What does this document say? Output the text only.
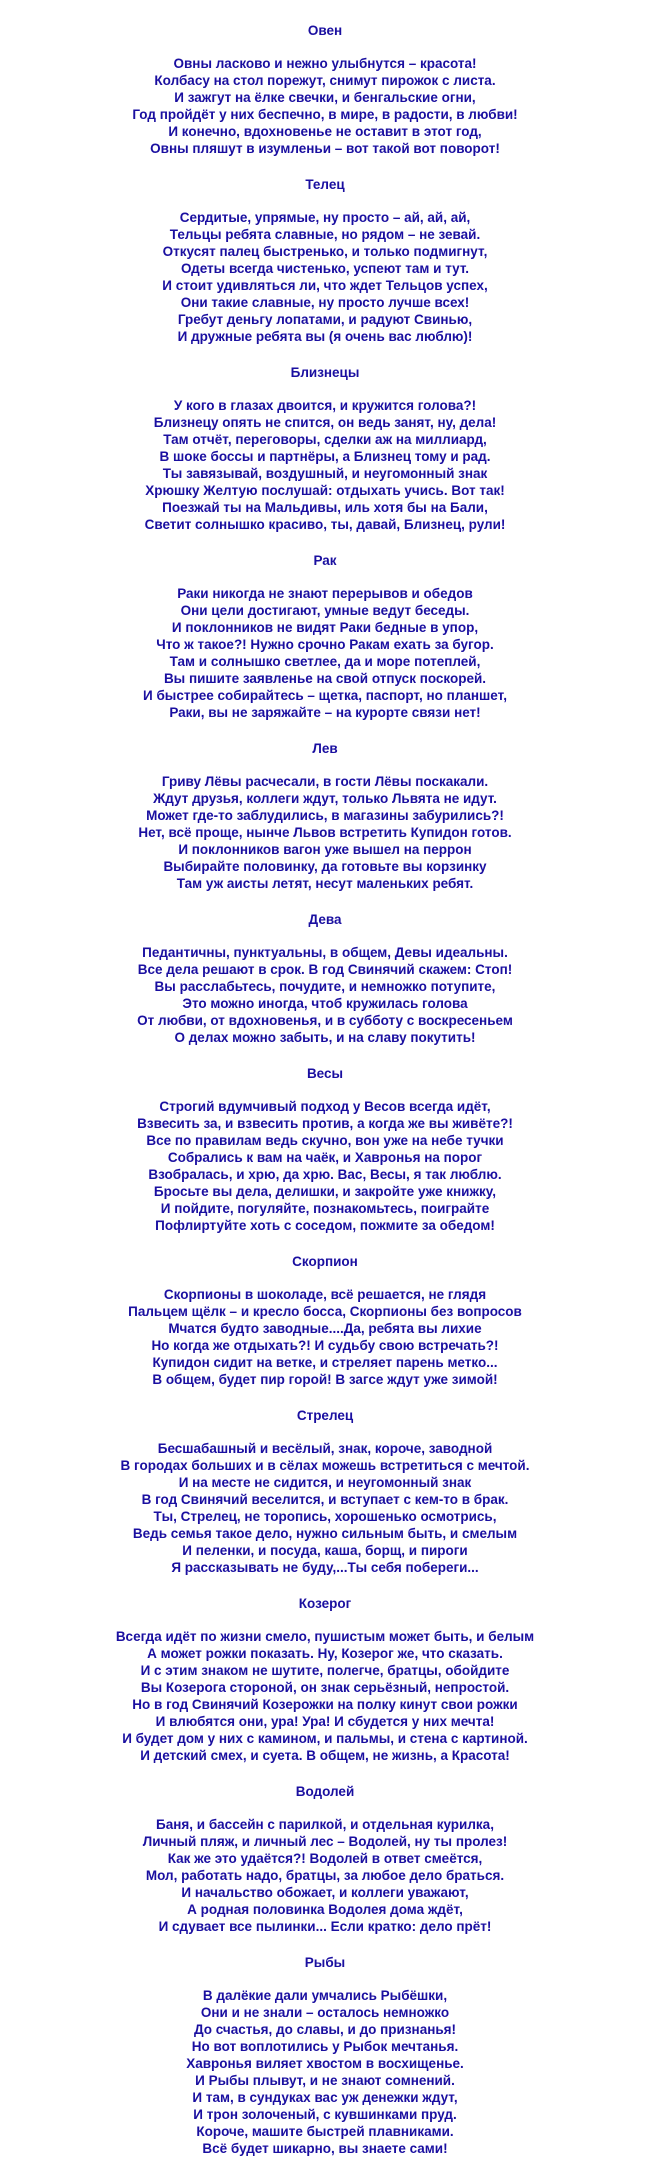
Овен
Овны ласково и нежно улыбнутся – красота!
Колбасу на стол порежут, снимут пирожок с листа.
И зажгут на ёлке свечки, и бенгальские огни,
Год пройдёт у них беспечно, в мире, в радости, в любви!
И конечно, вдохновенье не оставит в этот год,
Овны пляшут в изумленьи – вот такой вот поворот!
Телец
Сердитые, упрямые, ну просто – ай, ай, ай,
Тельцы ребята славные, но рядом – не зевай.
Откусят палец быстренько, и только подмигнут,
Одеты всегда чистенько, успеют там и тут.
И стоит удивляться ли, что ждет Тельцов успех,
Они такие славные, ну просто лучше всех!
Гребут деньгу лопатами, и радуют Свинью,
И дружные ребята вы (я очень вас люблю)!
Близнецы
У кого в глазах двоится, и кружится голова?!
Близнецу опять не спится, он ведь занят, ну, дела!
Там отчёт, переговоры, сделки аж на миллиард,
В шоке боссы и партнёры, а Близнец тому и рад.
Ты завязывай, воздушный, и неугомонный знак
Хрюшку Желтую послушай: отдыхать учись. Вот так!
Поезжай ты на Мальдивы, иль хотя бы на Бали,
Светит солнышко красиво, ты, давай, Близнец, рули!
Рак
Раки никогда не знают перерывов и обедов
Они цели достигают, умные ведут беседы.
И поклонников не видят Раки бедные в упор,
Что ж такое?! Нужно срочно Ракам ехать за бугор.
Там и солнышко светлее, да и море потеплей,
Вы пишите заявленье на свой отпуск поскорей.
И быстрее собирайтесь – щетка, паспорт, но планшет,
Раки, вы не заряжайте – на курорте связи нет!
Лев
Гриву Лёвы расчесали, в гости Лёвы поскакали.
Ждут друзья, коллеги ждут, только Львята не идут.
Может где-то заблудились, в магазины забурились?!
Нет, всё проще, нынче Львов встретить Купидон готов.
И поклонников вагон уже вышел на перрон
Выбирайте половинку, да готовьте вы корзинку
Там уж аисты летят, несут маленьких ребят.
Дева
Педантичны, пунктуальны, в общем, Девы идеальны.
Все дела решают в срок. В год Свинячий скажем: Стоп!
Вы расслабьтесь, почудите, и немножко потупите,
Это можно иногда, чтоб кружилась голова
От любви, от вдохновенья, и в субботу с воскресеньем
О делах можно забыть, и на славу покутить!
Весы
Строгий вдумчивый подход у Весов всегда идёт,
Взвесить за, и взвесить против, а когда же вы живёте?!
Все по правилам ведь скучно, вон уже на небе тучки
Собрались к вам на чаёк, и Хавронья на порог
Взобралась, и хрю, да хрю. Вас, Весы, я так люблю.
Бросьте вы дела, делишки, и закройте уже книжку,
И пойдите, погуляйте, познакомьтесь, поиграйте
Пофлиртуйте хоть с соседом, пожмите за обедом!
Скорпион
Скорпионы в шоколаде, всё решается, не глядя
Пальцем щёлк – и кресло босса, Скорпионы без вопросов
Мчатся будто заводные....Да, ребята вы лихие
Но когда же отдыхать?! И судьбу свою встречать?!
Купидон сидит на ветке, и стреляет парень метко...
В общем, будет пир горой! В загсе ждут уже зимой!
Стрелец
Бесшабашный и весёлый, знак, короче, заводной
В городах больших и в сёлах можешь встретиться с мечтой.
И на месте не сидится, и неугомонный знак
В год Свинячий веселится, и вступает с кем-то в брак.
Ты, Стрелец, не торопись, хорошенько осмотрись,
Ведь семья такое дело, нужно сильным быть, и смелым
И пеленки, и посуда, каша, борщ, и пироги
Я рассказывать не буду,...Ты себя побереги...
Козерог
Всегда идёт по жизни смело, пушистым может быть, и белым
А может рожки показать. Ну, Козерог же, что сказать.
И с этим знаком не шутите, полегче, братцы, обойдите
Вы Козерога стороной, он знак серьёзный, непростой.
Но в год Свинячий Козерожки на полку кинут свои рожки
И влюбятся они, ура! Ура! И сбудется у них мечта!
И будет дом у них с камином, и пальмы, и стена с картиной.
И детский смех, и суета. В общем, не жизнь, а Красота!
Водолей
Баня, и бассейн с парилкой, и отдельная курилка,
Личный пляж, и личный лес – Водолей, ну ты пролез!
Как же это удаётся?! Водолей в ответ смеётся,
Мол, работать надо, братцы, за любое дело браться.
И начальство обожает, и коллеги уважают,
А родная половинка Водолея дома ждёт,
И сдувает все пылинки... Если кратко: дело прёт!
Рыбы
В далёкие дали умчались Рыбёшки,
Они и не знали – осталось немножко
До счастья, до славы, и до признанья!
Но вот воплотились у Рыбок мечтанья.
Хавронья виляет хвостом в восхищенье.
И Рыбы плывут, и не знают сомнений.
И там, в сундуках вас уж денежки ждут,
И трон золоченый, с кувшинками пруд.
Короче, машите быстрей плавниками.
Всё будет шикарно, вы знаете сами!
